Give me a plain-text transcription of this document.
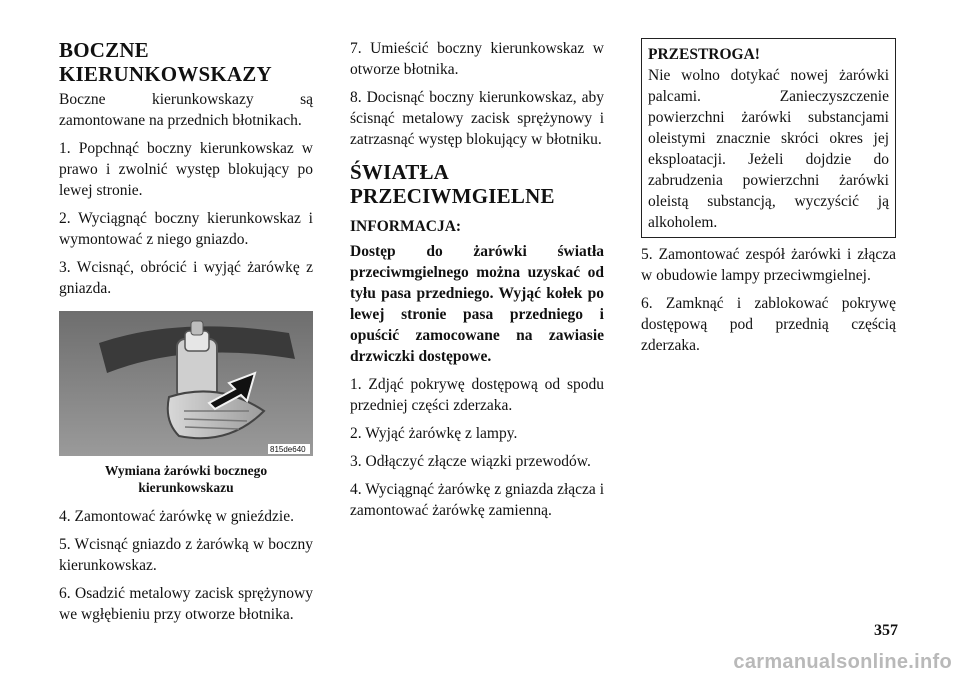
BOCZNE KIERUNKOWSKAZY

Boczne kierunkowskazy są zamontowane na przednich błotnikach.

1. Popchnąć boczny kierunkowskaz w prawo i zwolnić występ blokujący po lewej stronie.

2. Wyciągnąć boczny kierunkowskaz i wymontować z niego gniazdo.

3. Wcisnąć, obrócić i wyjąć żarówkę z gniazda.

815de640
Wymiana żarówki bocznego kierunkowskazu

4. Zamontować żarówkę w gnieździe.

5. Wcisnąć gniazdo z żarówką w boczny kierunkowskaz.

6. Osadzić metalowy zacisk sprężynowy we wgłębieniu przy otworze błotnika.

7. Umieścić boczny kierunkowskaz w otworze błotnika.

8. Docisnąć boczny kierunkowskaz, aby ścisnąć metalowy zacisk sprężynowy i zatrzasnąć występ blokujący w błotniku.

ŚWIATŁA PRZECIWMGIELNE
INFORMACJA:

Dostęp do żarówki światła przeciwmgielnego można uzyskać od tyłu pasa przedniego. Wyjąć kołek po lewej stronie pasa przedniego i opuścić zamocowane na zawiasie drzwiczki dostępowe.

1. Zdjąć pokrywę dostępową od spodu przedniej części zderzaka.

2. Wyjąć żarówkę z lampy.

3. Odłączyć złącze wiązki przewodów.

4. Wyciągnąć żarówkę z gniazda złącza i zamontować żarówkę zamienną.

PRZESTROGA!

Nie wolno dotykać nowej żarówki palcami. Zanieczyszczenie powierzchni żarówki substancjami oleistymi znacznie skróci okres jej eksploatacji. Jeżeli dojdzie do zabrudzenia powierzchni żarówki oleistą substancją, wyczyścić ją alkoholem.

5. Zamontować zespół żarówki i złącza w obudowie lampy przeciwmgielnej.

6. Zamknąć i zablokować pokrywę dostępową pod przednią częścią zderzaka.

357
carmanualsonline.info
